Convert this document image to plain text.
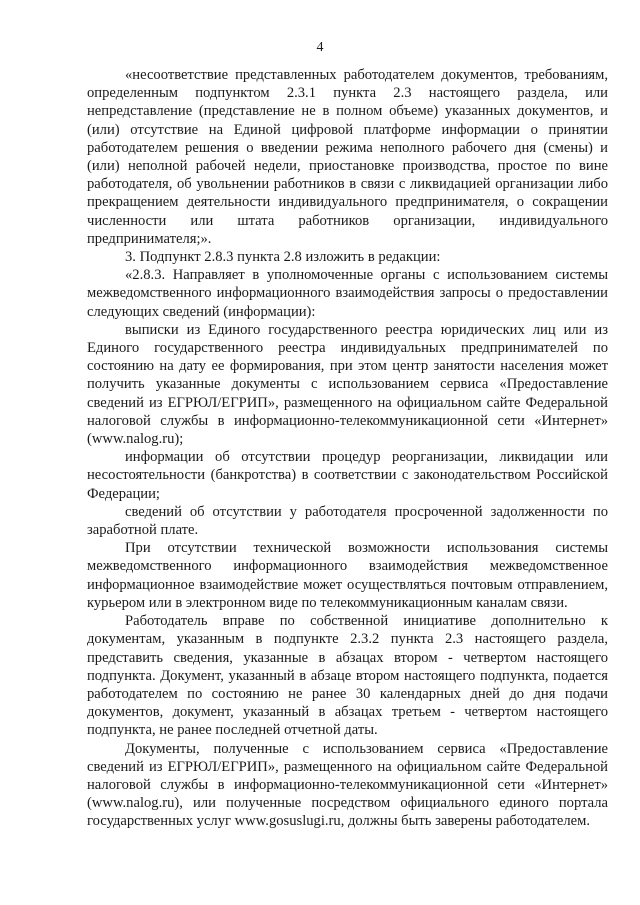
4

«несоответствие представленных работодателем документов, требованиям, определенным подпунктом 2.3.1 пункта 2.3 настоящего раздела, или непредставление (представление не в полном объеме) указанных документов, и (или) отсутствие на Единой цифровой платформе информации о принятии работодателем решения о введении режима неполного рабочего дня (смены) и (или) неполной рабочей недели, приостановке производства, простое по вине работодателя, об увольнении работников в связи с ликвидацией организации либо прекращением деятельности индивидуального предпринимателя, о сокращении численности или штата работников организации, индивидуального предпринимателя;».

3. Подпункт 2.8.3 пункта 2.8 изложить в редакции:

«2.8.3. Направляет в уполномоченные органы с использованием системы межведомственного информационного взаимодействия запросы о предоставлении следующих сведений (информации):

выписки из Единого государственного реестра юридических лиц или из Единого государственного реестра индивидуальных предпринимателей по состоянию на дату ее формирования, при этом центр занятости населения может получить указанные документы с использованием сервиса «Предоставление сведений из ЕГРЮЛ/ЕГРИП», размещенного на официальном сайте Федеральной налоговой службы в информационно-телекоммуникационной сети «Интернет» (www.nalog.ru);

информации об отсутствии процедур реорганизации, ликвидации или несостоятельности (банкротства) в соответствии с законодательством Российской Федерации;

сведений об отсутствии у работодателя просроченной задолженности по заработной плате.

При отсутствии технической возможности использования системы межведомственного информационного взаимодействия межведомственное информационное взаимодействие может осуществляться почтовым отправлением, курьером или в электронном виде по телекоммуникационным каналам связи.

Работодатель вправе по собственной инициативе дополнительно к документам, указанным в подпункте 2.3.2 пункта 2.3 настоящего раздела, представить сведения, указанные в абзацах втором - четвертом настоящего подпункта. Документ, указанный в абзаце втором настоящего подпункта, подается работодателем по состоянию не ранее 30 календарных дней до дня подачи документов, документ, указанный в абзацах третьем - четвертом настоящего подпункта, не ранее последней отчетной даты.

Документы, полученные с использованием сервиса «Предоставление сведений из ЕГРЮЛ/ЕГРИП», размещенного на официальном сайте Федеральной налоговой службы в информационно-телекоммуникационной сети «Интернет» (www.nalog.ru), или полученные посредством официального единого портала государственных услуг www.gosuslugi.ru, должны быть заверены работодателем.
